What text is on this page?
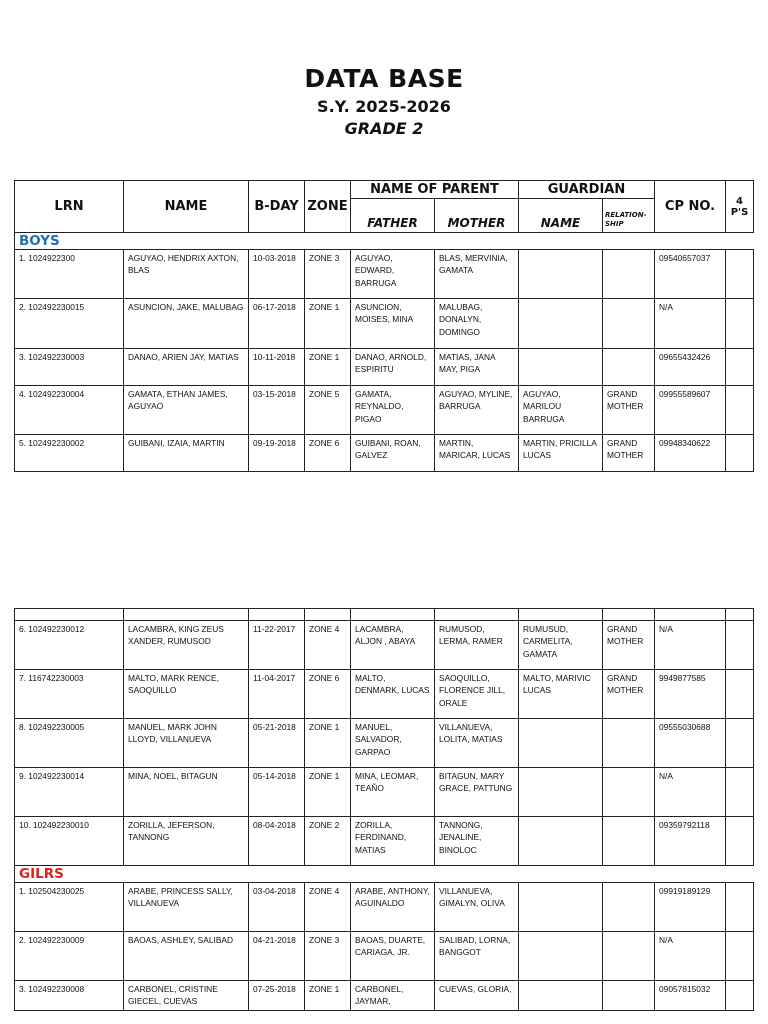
DATA BASE
S.Y. 2025-2026
GRADE 2
LRN	NAME	B-DAY	ZONE	NAME OF PARENT		GUARDIAN		CP NO.	4 P'S
				FATHER	MOTHER	NAME	RELATION-SHIP		
BOYS									

1. 1024922300	AGUYAO, HENDRIX AXTON, BLAS	10-03-2018	ZONE 3	AGUYAO, EDWARD, BARRUGA	BLAS, MERVINIA, GAMATA			09540657037	

2. 102492230015	ASUNCION, JAKE, MALUBAG	06-17-2018	ZONE 1	ASUNCION, MOISES, MINA	MALUBAG, DONALYN, DOMINGO			N/A	

3. 102492230003	DANAO, ARIEN JAY, MATIAS	10-11-2018	ZONE 1	DANAO, ARNOLD, ESPIRITU	MATIAS, JANA MAY, PIGA			09655432426	

4. 102492230004	GAMATA, ETHAN JAMES, AGUYAO	03-15-2018	ZONE 5	GAMATA, REYNALDO, PIGAO	AGUYAO, MYLINE, BARRUGA	AGUYAO, MARILOU BARRUGA	GRAND MOTHER	09955589607	

5. 102492230002	GUIBANI, IZAIA, MARTIN	09-19-2018	ZONE 6	GUIBANI, ROAN, GALVEZ	MARTIN, MARICAR, LUCAS	MARTIN, PRICILLA LUCAS	GRAND MOTHER	09948340622	

6. 102492230012	LACAMBRA, KING ZEUS XANDER, RUMUSOD	11-22-2017	ZONE 4	LACAMBRA, ALJON , ABAYA	RUMUSOD, LERMA, RAMER	RUMUSUD, CARMELITA, GAMATA	GRAND MOTHER	N/A	

7. 116742230003	MALTO, MARK RENCE, SAOQUILLO	11-04-2017	ZONE 6	MALTO, DENMARK, LUCAS	SAOQUILLO, FLORENCE JILL, ORALE	MALTO, MARIVIC LUCAS	GRAND MOTHER	9949877585	

8. 102492230005	MANUEL, MARK JOHN LLOYD, VILLANUEVA	05-21-2018	ZONE 1	MANUEL, SALVADOR, GARPAO	VILLANUEVA, LOLITA, MATIAS			09555030688	

9. 102492230014	MINA, NOEL, BITAGUN	05-14-2018	ZONE 1	MINA, LEOMAR, TEAÑO	BITAGUN, MARY GRACE, PATTUNG			N/A	

10. 102492230010	ZORILLA, JEFERSON, TANNONG	08-04-2018	ZONE 2	ZORILLA, FERDINAND, MATIAS	TANNONG, JENALINE, BINOLOC			09359792118	

GILRS									

1. 102504230025	ARABE, PRINCESS SALLY, VILLANUEVA	03-04-2018	ZONE 4	ARABE, ANTHONY, AGUINALDO	VILLANUEVA, GIMALYN, OLIVA			09919189129	

2. 102492230009	BAOAS, ASHLEY, SALIBAD	04-21-2018	ZONE 3	BAOAS, DUARTE, CARIAGA, JR.	SALIBAD, LORNA, BANGGOT			N/A	

3. 102492230008	CARBONEL, CRISTINE GIECEL, CUEVAS	07-25-2018	ZONE 1	CARBONEL, JAYMAR,	CUEVAS, GLORIA,			09057815032	
